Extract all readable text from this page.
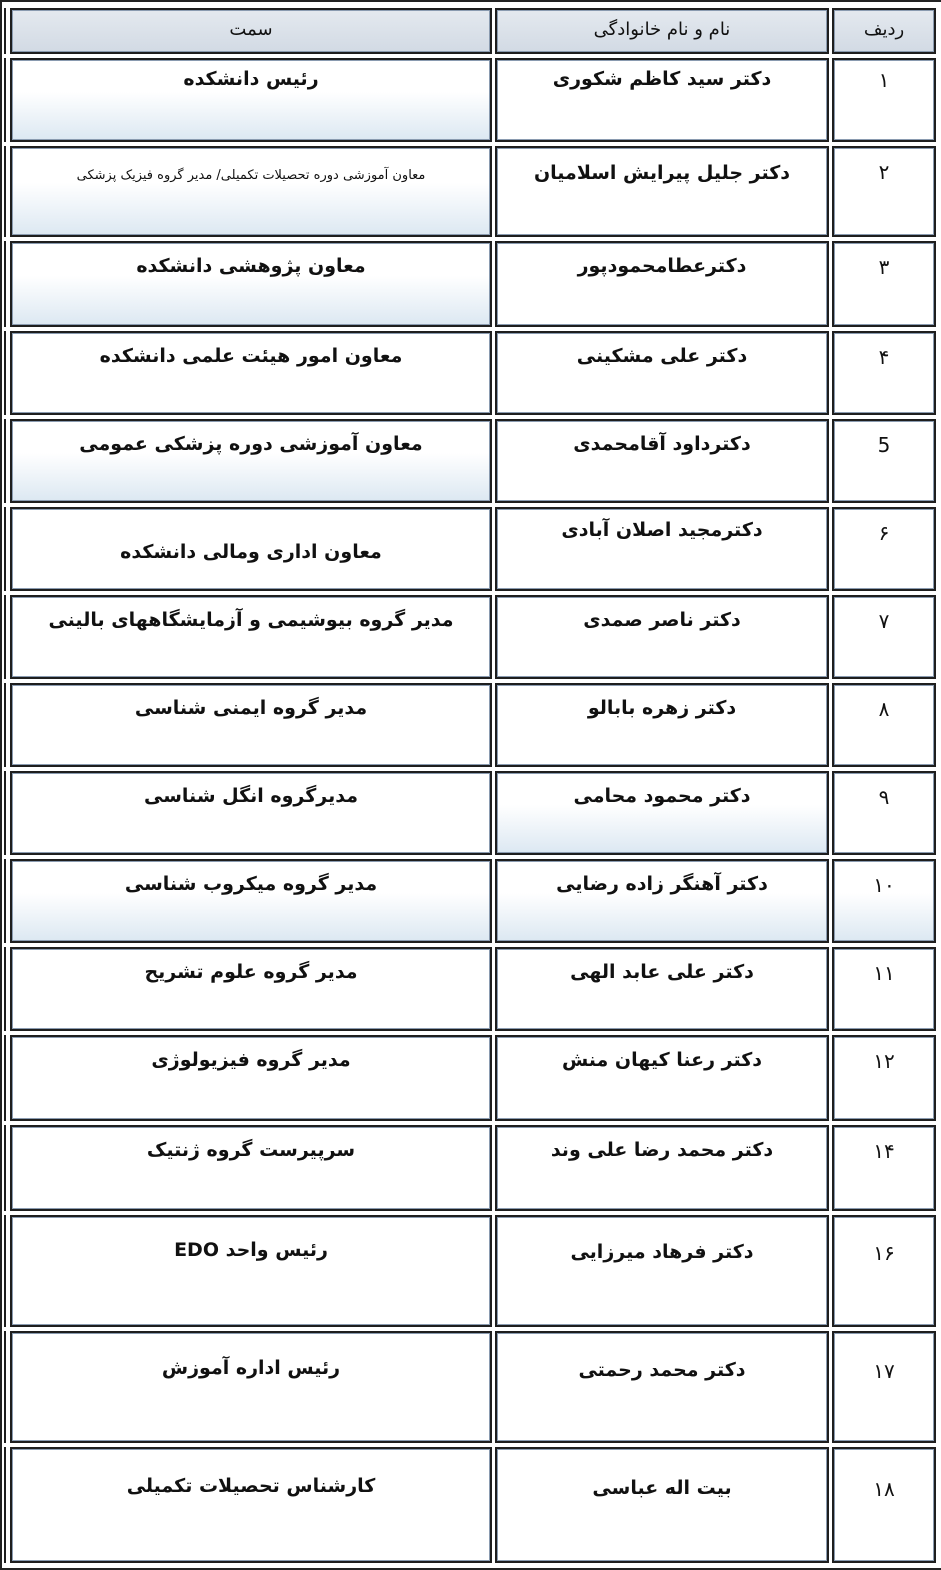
ردیف
نام و نام خانوادگی
سمت
۱
دکتر سید کاظم شکوری
رئیس دانشکده
۲
دکتر جلیل پیرایش اسلامیان
معاون آموزشی دوره تحصیلات تکمیلی/ مدیر گروه فیزیک پزشکی
۳
دکترعطامحمودپور
معاون پژوهشی دانشکده
۴
دکتر علی مشکینی
معاون امور هیئت علمی دانشکده
5
دکترداود آقامحمدی
معاون آموزشی دوره پزشکی عمومی
۶
دکترمجید اصلان آبادی
معاون اداری ومالی دانشکده
۷
دکتر ناصر صمدی
مدیر گروه بیوشیمی و آزمایشگاههای بالینی
۸
دکتر زهره بابالو
مدیر گروه ایمنی شناسی
۹
دکتر محمود محامی
مدیرگروه انگل شناسی
۱۰
دکتر آهنگر زاده رضایی
مدیر گروه میکروب شناسی
۱۱
دکتر علی عابد الهی
مدیر گروه علوم تشریح
۱۲
دکتر رعنا کیهان منش
مدیر گروه فیزیولوژی
۱۴
دکتر محمد رضا علی وند
سرپیرست گروه ژنتیک
۱۶
دکتر فرهاد میرزایی
رئیس واحد EDO
۱۷
دکتر محمد رحمتی
رئیس اداره آموزش
۱۸
بیت اله عباسی
کارشناس تحصیلات تکمیلی
